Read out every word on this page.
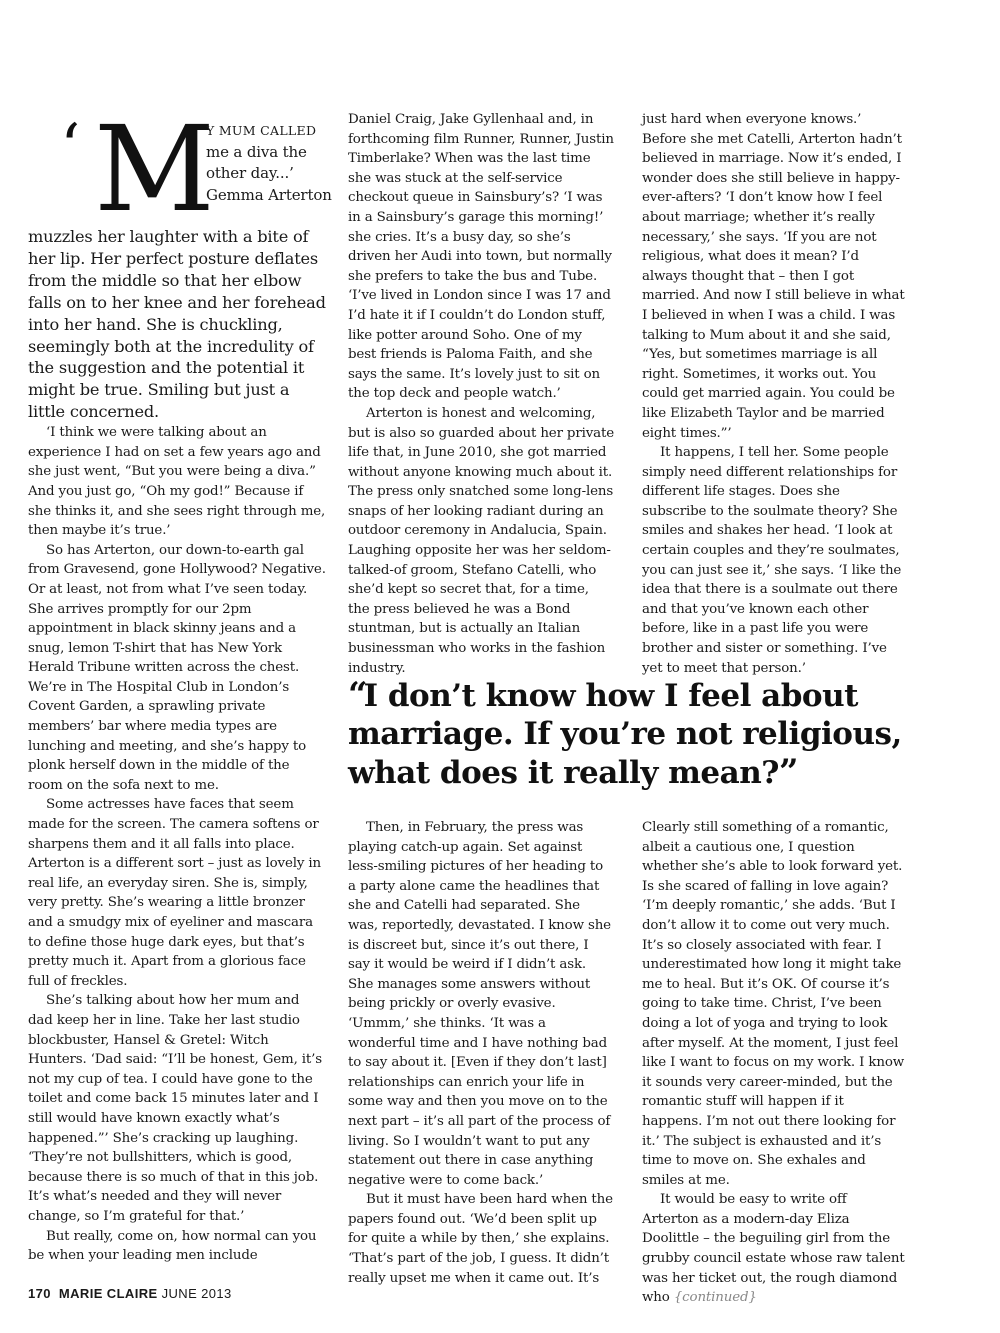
‘ M
Y MUM CALLED me a diva the other day...’ Gemma Arterton

muzzles her laughter with a bite of her lip. Her perfect posture deflates from the middle so that her elbow falls on to her knee and her forehead into her hand. She is chuckling, seemingly both at the incredulity of the suggestion and the potential it might be true. Smiling but just a little concerned.

‘I think we were talking about an experience I had on set a few years ago and she just went, “But you were being a diva.” And you just go, “Oh my god!” Because if she thinks it, and she sees right through me, then maybe it’s true.’

So has Arterton, our down-to-earth gal from Gravesend, gone Hollywood? Negative. Or at least, not from what I’ve seen today. She arrives promptly for our 2pm appointment in black skinny jeans and a snug, lemon T-shirt that has New York Herald Tribune written across the chest. We’re in The Hospital Club in London’s Covent Garden, a sprawling private members’ bar where media types are lunching and meeting, and she’s happy to plonk herself down in the middle of the room on the sofa next to me.

Some actresses have faces that seem made for the screen. The camera softens or sharpens them and it all falls into place. Arterton is a different sort – just as lovely in real life, an everyday siren. She is, simply, very pretty. She’s wearing a little bronzer and a smudgy mix of eyeliner and mascara to define those huge dark eyes, but that’s pretty much it. Apart from a glorious face full of freckles.

She’s talking about how her mum and dad keep her in line. Take her last studio blockbuster, Hansel & Gretel: Witch Hunters. ‘Dad said: “I’ll be honest, Gem, it’s not my cup of tea. I could have gone to the toilet and come back 15 minutes later and I still would have known exactly what’s happened.”’ She’s cracking up laughing. ‘They’re not bullshitters, which is good, because there is so much of that in this job. It’s what’s needed and they will never change, so I’m grateful for that.’

But really, come on, how normal can you be when your leading men include

Daniel Craig, Jake Gyllenhaal and, in forthcoming film Runner, Runner, Justin Timberlake? When was the last time she was stuck at the self-service checkout queue in Sainsbury’s? ‘I was in a Sainsbury’s garage this morning!’ she cries. It’s a busy day, so she’s driven her Audi into town, but normally she prefers to take the bus and Tube. ‘I’ve lived in London since I was 17 and I’d hate it if I couldn’t do London stuff, like potter around Soho. One of my best friends is Paloma Faith, and she says the same. It’s lovely just to sit on the top deck and people watch.’

Arterton is honest and welcoming, but is also so guarded about her private life that, in June 2010, she got married without anyone knowing much about it. The press only snatched some long-lens snaps of her looking radiant during an outdoor ceremony in Andalucia, Spain. Laughing opposite her was her seldom-talked-of groom, Stefano Catelli, who she’d kept so secret that, for a time, the press believed he was a Bond stuntman, but is actually an Italian businessman who works in the fashion industry.

just hard when everyone knows.’ Before she met Catelli, Arterton hadn’t believed in marriage. Now it’s ended, I wonder does she still believe in happy-ever-afters? ‘I don’t know how I feel about marriage; whether it’s really necessary,’ she says. ‘If you are not religious, what does it mean? I’d always thought that – then I got married. And now I still believe in what I believed in when I was a child. I was talking to Mum about it and she said, “Yes, but sometimes marriage is all right. Sometimes, it works out. You could get married again. You could be like Elizabeth Taylor and be married eight times.”’

It happens, I tell her. Some people simply need different relationships for different life stages. Does she subscribe to the soulmate theory? She smiles and shakes her head. ‘I look at certain couples and they’re soulmates, you can just see it,’ she says. ‘I like the idea that there is a soulmate out there and that you’ve known each other before, like in a past life you were brother and sister or something. I’ve yet to meet that person.’

“I don’t know how I feel about marriage. If you’re not religious, what does it really mean?”

Then, in February, the press was playing catch-up again. Set against less-smiling pictures of her heading to a party alone came the headlines that she and Catelli had separated. She was, reportedly, devastated. I know she is discreet but, since it’s out there, I say it would be weird if I didn’t ask. She manages some answers without being prickly or overly evasive. ‘Ummm,’ she thinks. ‘It was a wonderful time and I have nothing bad to say about it. [Even if they don’t last] relationships can enrich your life in some way and then you move on to the next part – it’s all part of the process of living. So I wouldn’t want to put any statement out there in case anything negative were to come back.’

But it must have been hard when the papers found out. ‘We’d been split up for quite a while by then,’ she explains. ‘That’s part of the job, I guess. It didn’t really upset me when it came out. It’s

Clearly still something of a romantic, albeit a cautious one, I question whether she’s able to look forward yet. Is she scared of falling in love again? ‘I’m deeply romantic,’ she adds. ‘But I don’t allow it to come out very much. It’s so closely associated with fear. I underestimated how long it might take me to heal. But it’s OK. Of course it’s going to take time. Christ, I’ve been doing a lot of yoga and trying to look after myself. At the moment, I just feel like I want to focus on my work. I know it sounds very career-minded, but the romantic stuff will happen if it happens. I’m not out there looking for it.’ The subject is exhausted and it’s time to move on. She exhales and smiles at me.

It would be easy to write off Arterton as a modern-day Eliza Doolittle – the beguiling girl from the grubby council estate whose raw talent was her ticket out, the rough diamond who {continued}

170 MARIE CLAIRE JUNE 2013
